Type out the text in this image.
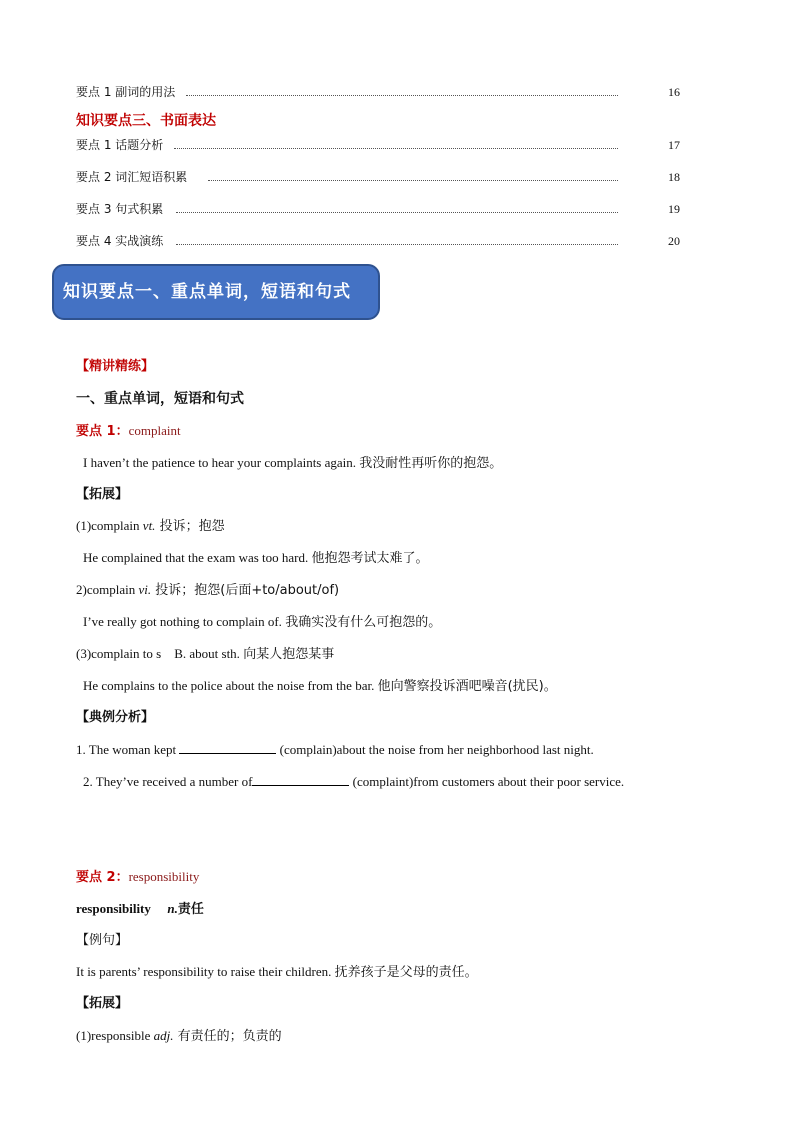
要点 1 副词的用法	16
知识要点三、书面表达
要点 1 话题分析	17
要点 2 词汇短语积累	18
要点 3 句式积累	19
要点 4 实战演练	20
知识要点一、重点单词，短语和句式
【精讲精练】
一、重点单词，短语和句式
要点 1：complaint
I haven’t the patience to hear your complaints again. 我没耐性再听你的抱怨。
【拓展】
(1)complain vt. 投诉；抱怨
He complained that the exam was too hard. 他抱怨考试太难了。
2)complain vi. 投诉；抱怨(后面+to/about/of)
I’ve really got nothing to complain of. 我确实没有什么可抱怨的。
(3)complain to s    B. about sth. 向某人抱怨某事
He complains to the police about the noise from the bar. 他向警察投诉酒吧噪音(扰民)。
【典例分析】
1. The woman kept	(complain)about the noise from her neighborhood last night.
2. They’ve received a number of	(complaint)from customers about their poor service.
要点 2：responsibility
responsibility n.责任
【例句】
It is parents’ responsibility to raise their children. 抚养孩子是父母的责任。
【拓展】
(1)responsible adj. 有责任的；负责的
